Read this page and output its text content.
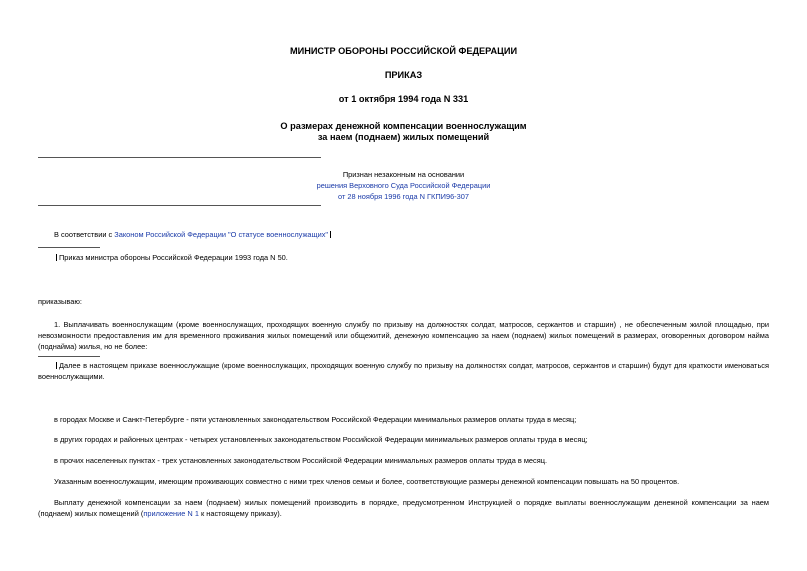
МИНИСТР ОБОРОНЫ РОССИЙСКОЙ ФЕДЕРАЦИИ
ПРИКАЗ
от 1 октября 1994 года N 331
О размерах денежной компенсации военнослужащим
за наем (поднаем) жилых помещений
Признан незаконным на основании
решения Верховного Суда Российской Федерации
от 28 ноября 1996 года N ГКПИ96-307
В соответствии с Законом Российской Федерации "О статусе военнослужащих"
Приказ министра обороны Российской Федерации 1993 года N 50.
приказываю:
1. Выплачивать военнослужащим (кроме военнослужащих, проходящих военную службу по призыву на должностях солдат, матросов, сержантов и старшин) , не обеспеченным жилой площадью, при невозможности предоставления им для временного проживания жилых помещений или общежитий, денежную компенсацию за наем (поднаем) жилых помещений в размерах, оговоренных договором найма (поднайма) жилья, но не более:
Далее в настоящем приказе военнослужащие (кроме военнослужащих, проходящих военную службу по призыву на должностях солдат, матросов, сержантов и старшин) будут для краткости именоваться военнослужащими.
в городах Москве и Санкт-Петербурге - пяти установленных законодательством Российской Федерации минимальных размеров оплаты труда в месяц;
в других городах и районных центрах - четырех установленных законодательством Российской Федерации минимальных размеров оплаты труда в месяц;
в прочих населенных пунктах - трех установленных законодательством Российской Федерации минимальных размеров оплаты труда в месяц.
Указанным военнослужащим, имеющим проживающих совместно с ними трех членов семьи и более, соответствующие размеры денежной компенсации повышать на 50 процентов.
Выплату денежной компенсации за наем (поднаем) жилых помещений производить в порядке, предусмотренном Инструкцией о порядке выплаты военнослужащим денежной компенсации за наем (поднаем) жилых помещений (приложение N 1 к настоящему приказу).
